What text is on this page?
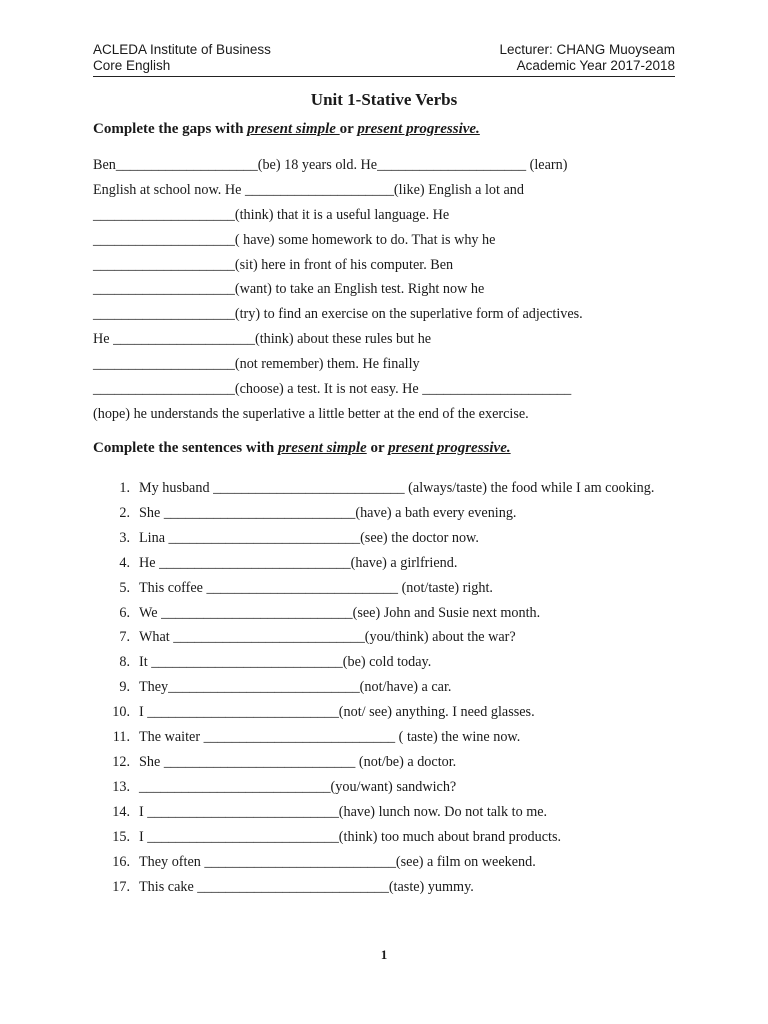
ACLEDA Institute of Business	Lecturer: CHANG Muoyseam
Core English	Academic Year 2017-2018
Unit 1-Stative Verbs
Complete the gaps with present simple or present progressive.
Ben____________________(be) 18 years old. He_____________________ (learn)
English at school now. He _____________________(like) English a lot and
____________________(think) that it is a useful language. He
____________________( have) some homework to do. That is why he
____________________(sit) here in front of his computer. Ben
____________________(want) to take an English test. Right now he
____________________(try) to find an exercise on the superlative form of adjectives.
He ____________________(think) about these rules but he
____________________(not remember) them. He finally
____________________(choose) a test. It is not easy. He _____________________
(hope) he understands the superlative a little better at the end of the exercise.
Complete the sentences with present simple or present progressive.
1. My husband ___________________________ (always/taste) the food while I am cooking.
2. She ___________________________(have) a bath every evening.
3. Lina ___________________________(see) the doctor now.
4. He ___________________________(have) a girlfriend.
5. This coffee ___________________________ (not/taste) right.
6. We ___________________________(see) John and Susie next month.
7. What ___________________________(you/think) about the war?
8. It ___________________________(be) cold today.
9. They___________________________(not/have) a car.
10. I ___________________________(not/ see) anything. I need glasses.
11. The waiter ___________________________ ( taste) the wine now.
12. She ___________________________ (not/be) a doctor.
13. ___________________________(you/want) sandwich?
14. I ___________________________(have) lunch now. Do not talk to me.
15. I ___________________________(think) too much about brand products.
16. They often ___________________________(see) a film on weekend.
17. This cake ___________________________(taste) yummy.
1
